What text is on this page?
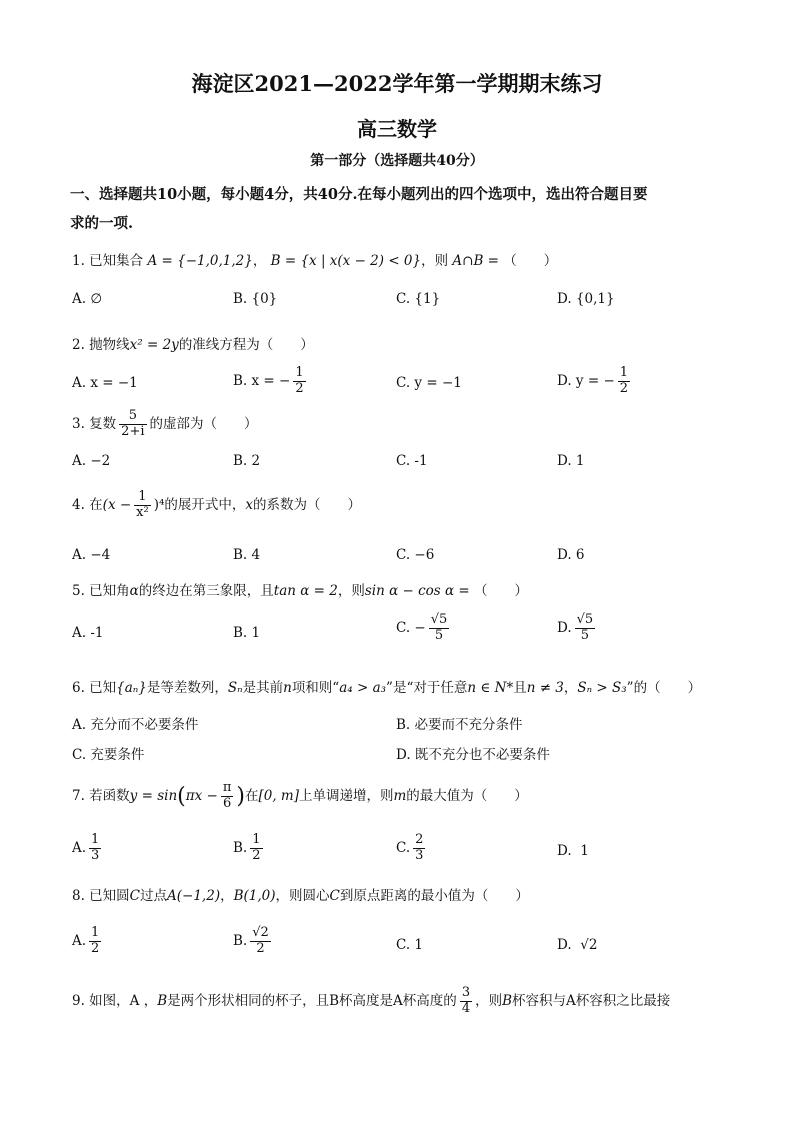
海淀区2021—2022学年第一学期期末练习
高三数学
第一部分（选择题共40分）
一、选择题共10小题，每小题4分，共40分.在每小题列出的四个选项中，选出符合题目要
求的一项.
1. 已知集合 A = {−1,0,1,2}， B = {x | x(x − 2) < 0}，则 A∩B = （　　）
A. ∅	B. {0}	C. {1}	D. {0,1}
2. 抛物线x² = 2y的准线方程为（　　）
A. x = −1	B. x = − $\frac{1}{2}$	C. y = −1	D. y = − $\frac{1}{2}$
3. 复数 $\frac{5}{2+i}$ 的虚部为（　　）
A. −2	B. 2	C. -1	D. 1
4. 在$(x - \frac{1}{\text{x²}} )^4$的展开式中，x的系数为（　　）
A. −4	B. 4	C. −6	D. 6
5. 已知角α的终边在第三象限，且tan α = 2，则sin α − cos α = （　　）
A. -1	B. 1	C. − $\frac{√5}{5}$	D. $\frac{√5}{5}$
6. 已知{aₙ}是等差数列，Sₙ是其前n项和则“a₄ > a₃”是“对于任意n ∈ N*且n ≠ 3，Sₙ > S₃”的（　　）
A. 充分而不必要条件	B. 必要而不充分条件
C. 充要条件	D. 既不充分也不必要条件
7. 若函数$y = \sin(\pi x - \frac{\pi}{6}$ )在[0, m]上单调递增，则m的最大值为（　　）
A. $\frac{1}{3}$	B. $\frac{1}{2}$	C. $\frac{2}{3}$	D. 1
8. 已知圆C过点A(−1,2)，B(1,0)，则圆心C到原点距离的最小值为（　　）
A. $\frac{1}{2}$	B. $\frac{√2}{2}$	C. 1	D. √2
9. 如图，A ，B是两个形状相同的杯子，且B杯高度是A杯高度的 $\frac{3}{4}$ ，则B杯容积与A杯容积之比最接
